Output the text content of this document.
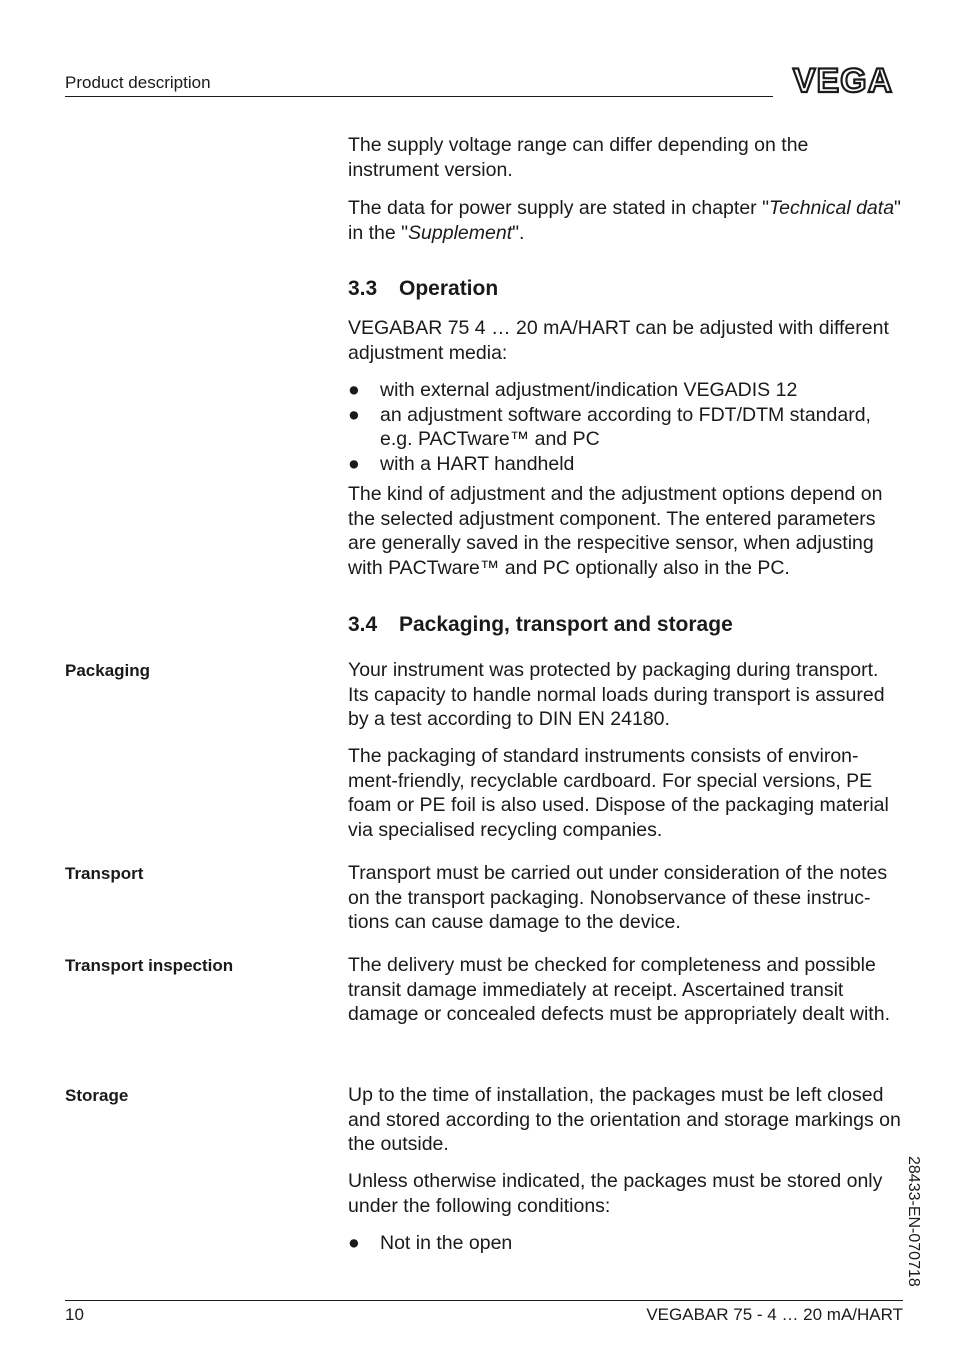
Product description	VEGA

The supply voltage range can differ depending on the instrument version.

The data for power supply are stated in chapter "Technical data" in the "Supplement".

3.3 Operation
VEGABAR 75 4 … 20 mA/HART can be adjusted with different adjustment media:
● with external adjustment/indication VEGADIS 12
● an adjustment software according to FDT/DTM standard, e.g. PACTware™ and PC
● with a HART handheld
The kind of adjustment and the adjustment options depend on the selected adjustment component. The entered parameters are generally saved in the respecitive sensor, when adjusting with PACTware™ and PC optionally also in the PC.
3.4 Packaging, transport and storage
Packaging	Your instrument was protected by packaging during transport. Its capacity to handle normal loads during transport is assured by a test according to DIN EN 24180.
The packaging of standard instruments consists of environ-ment-friendly, recyclable cardboard. For special versions, PE foam or PE foil is also used. Dispose of the packaging material via specialised recycling companies.
Transport	Transport must be carried out under consideration of the notes on the transport packaging. Nonobservance of these instruc-tions can cause damage to the device.
Transport inspection	The delivery must be checked for completeness and possible transit damage immediately at receipt. Ascertained transit damage or concealed defects must be appropriately dealt with.
Storage	Up to the time of installation, the packages must be left closed and stored according to the orientation and storage markings on the outside.
Unless otherwise indicated, the packages must be stored only under the following conditions:
● Not in the open	28433-EN-070718
10	VEGABAR 75 - 4 … 20 mA/HART
